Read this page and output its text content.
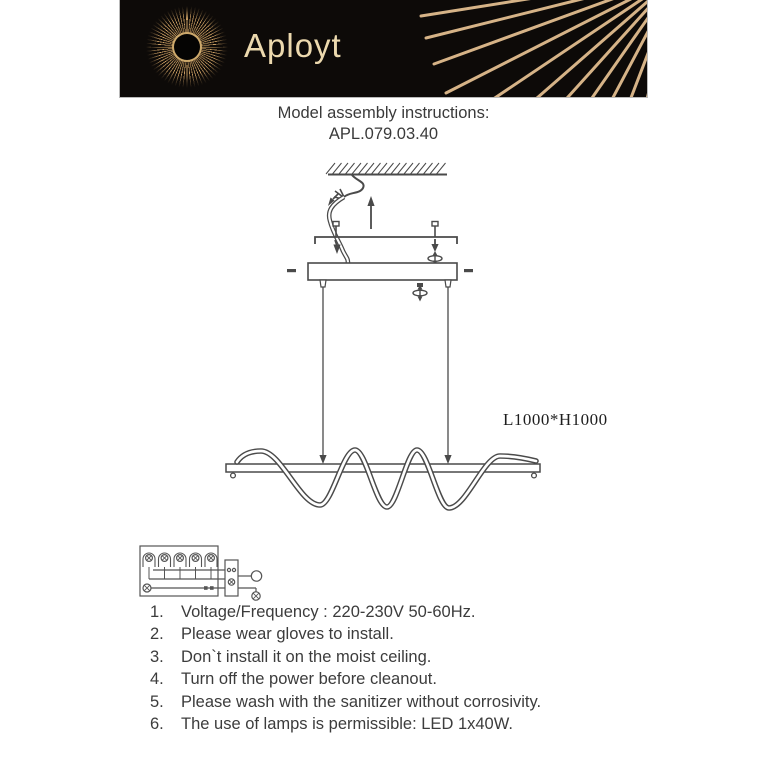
Aployt
Model assembly instructions:
APL.079.03.40
L1000*H1000
1. Voltage/Frequency : 220-230V 50-60Hz.
2. Please wear gloves to install.
3. Don`t install it on the moist ceiling.
4. Turn off the power before cleanout.
5. Please wash with the sanitizer without corrosivity.
6. The use of lamps is permissible: LED 1x40W.
